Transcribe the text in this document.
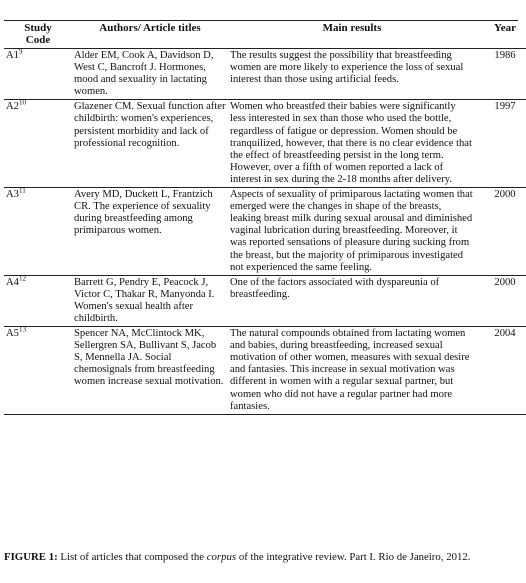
Study
Code	Authors/ Article titles	Main results	Year
$A1^9$	Alder EM, Cook A, Davidson D, West C, Bancroft J. Hormones, mood and sexuality in lactating women.	The results suggest the possibility that breastfeeding women are more likely to experience the loss of sexual interest than those using artificial feeds.	1986
$A2^{10}$	Glazener CM. Sexual function after childbirth: women's experiences, persistent morbidity and lack of professional recognition.	Women who breastfed their babies were significantly less interested in sex than those who used the bottle, regardless of fatigue or depression. Women should be tranquilized, however, that there is no clear evidence that the effect of breastfeeding persist in the long term. However, over a fifth of women reported a lack of interest in sex during the 2-18 months after delivery.	1997
$A3^{11}$	Avery MD, Duckett L, Frantzich CR. The experience of sexuality during breastfeeding among primiparous women.	Aspects of sexuality of primiparous lactating women that emerged were the changes in shape of the breasts, leaking breast milk during sexual arousal and diminished vaginal lubrication during breastfeeding. Moreover, it was reported sensations of pleasure during sucking from the breast, but the majority of primiparous investigated not experienced the same feeling.	2000
$A4^{12}$	Barrett G, Pendry E, Peacock J, Victor C, Thakar R, Manyonda I. Women's sexual health after childbirth.	One of the factors associated with dyspareunia of breastfeeding.	2000
$A5^{13}$	Spencer NA, McClintock MK, Sellergren SA, Bullivant S, Jacob S, Mennella JA. Social chemosignals from breastfeeding women increase sexual motivation.	The natural compounds obtained from lactating women and babies, during breastfeeding, increased sexual motivation of other women, measures with sexual desire and fantasies. This increase in sexual motivation was different in women with a regular sexual partner, but women who did not have a regular partner had more fantasies.	2004
FIGURE 1: List of articles that composed the corpus of the integrative review. Part I. Rio de Janeiro, 2012.
